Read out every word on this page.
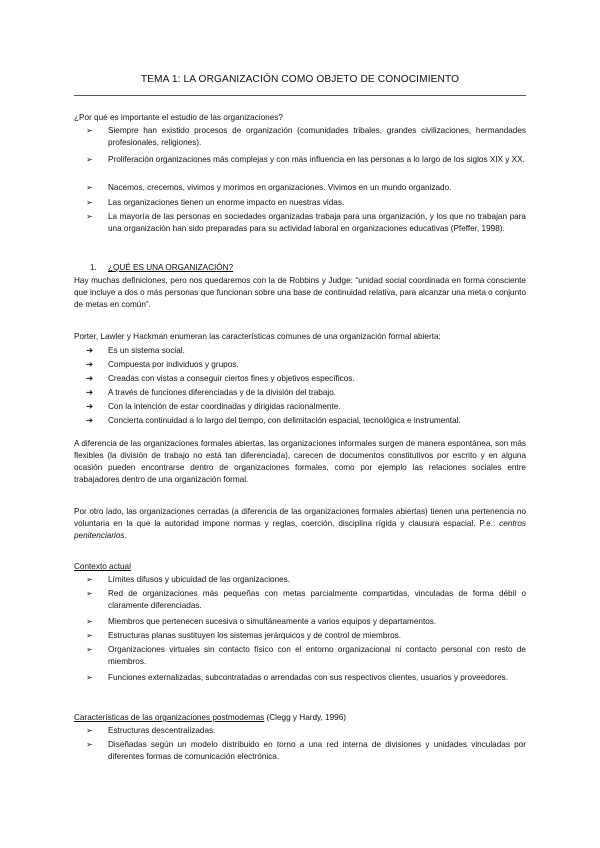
TEMA 1: LA ORGANIZACIÓN COMO OBJETO DE CONOCIMIENTO
¿Por qué es importante el estudio de las organizaciones?
➢	Siempre han existido procesos de organización (comunidades tribales, grandes civilizaciones, hermandades profesionales, religiones).
➢	Proliferación organizaciones más complejas y con más influencia en las personas a lo largo de los siglos XIX y XX.
➢	Nacemos, crecemos, vivimos y morimos en organizaciones. Vivimos en un mundo organizado.
➢	Las organizaciones tienen un enorme impacto en nuestras vidas.
➢	La mayoría de las personas en sociedades organizadas trabaja para una organización, y los que no trabajan para una organización han sido preparadas para su actividad laboral en organizaciones educativas (Pfeffer, 1998).
1. ¿QUÉ ES UNA ORGANIZACIÓN?
Hay muchas definiciones, pero nos quedaremos con la de Robbins y Judge: “unidad social coordinada en forma consciente que incluye a dos o más personas que funcionan sobre una base de continuidad relativa, para alcanzar una meta o conjunto de metas en común”.
Porter, Lawler y Hackman enumeran las características comunes de una organización formal abierta:
➔	Es un sistema social.
➔	Compuesta por individuos y grupos.
➔	Creadas con vistas a conseguir ciertos fines y objetivos específicos.
➔	A través de funciones diferenciadas y de la división del trabajo.
➔	Con la intención de estar coordinadas y dirigidas racionalmente.
➔	Concierta continuidad a lo largo del tiempo, con delimitación espacial, tecnológica e instrumental.
A diferencia de las organizaciones formales abiertas, las organizaciones informales surgen de manera espontánea, son más flexibles (la división de trabajo no está tan diferenciada), carecen de documentos constitutivos por escrito y en alguna ocasión pueden encontrarse dentro de organizaciones formales, como por ejemplo las relaciones sociales entre trabajadores dentro de una organización formal.
Por otro lado, las organizaciones cerradas (a diferencia de las organizaciones formales abiertas) tienen una pertenencia no voluntaria en la que la autoridad impone normas y reglas, coerción, disciplina rígida y clausura espacial. P.e.: centros penitenciarios.
Contexto actual
➢	Límites difusos y ubicuidad de las organizaciones.
➢	Red de organizaciones más pequeñas con metas parcialmente compartidas, vinculadas de forma débil o claramente diferenciadas.
➢	Miembros que pertenecen sucesiva o simultáneamente a varios equipos y departamentos.
➢	Estructuras planas sustituyen los sistemas jerárquicos y de control de miembros.
➢	Organizaciones virtuales sin contacto físico con el entorno organizacional ni contacto personal con resto de miembros.
➢	Funciones externalizadas, subcontratadas o arrendadas con sus respectivos clientes, usuarios y proveedores.
Características de las organizaciones postmodernas (Clegg y Hardy, 1996)
➢	Estructuras descentralizadas.
➢	Diseñadas según un modelo distribuido en torno a una red interna de divisiones y unidades vinculadas por diferentes formas de comunicación electrónica.
